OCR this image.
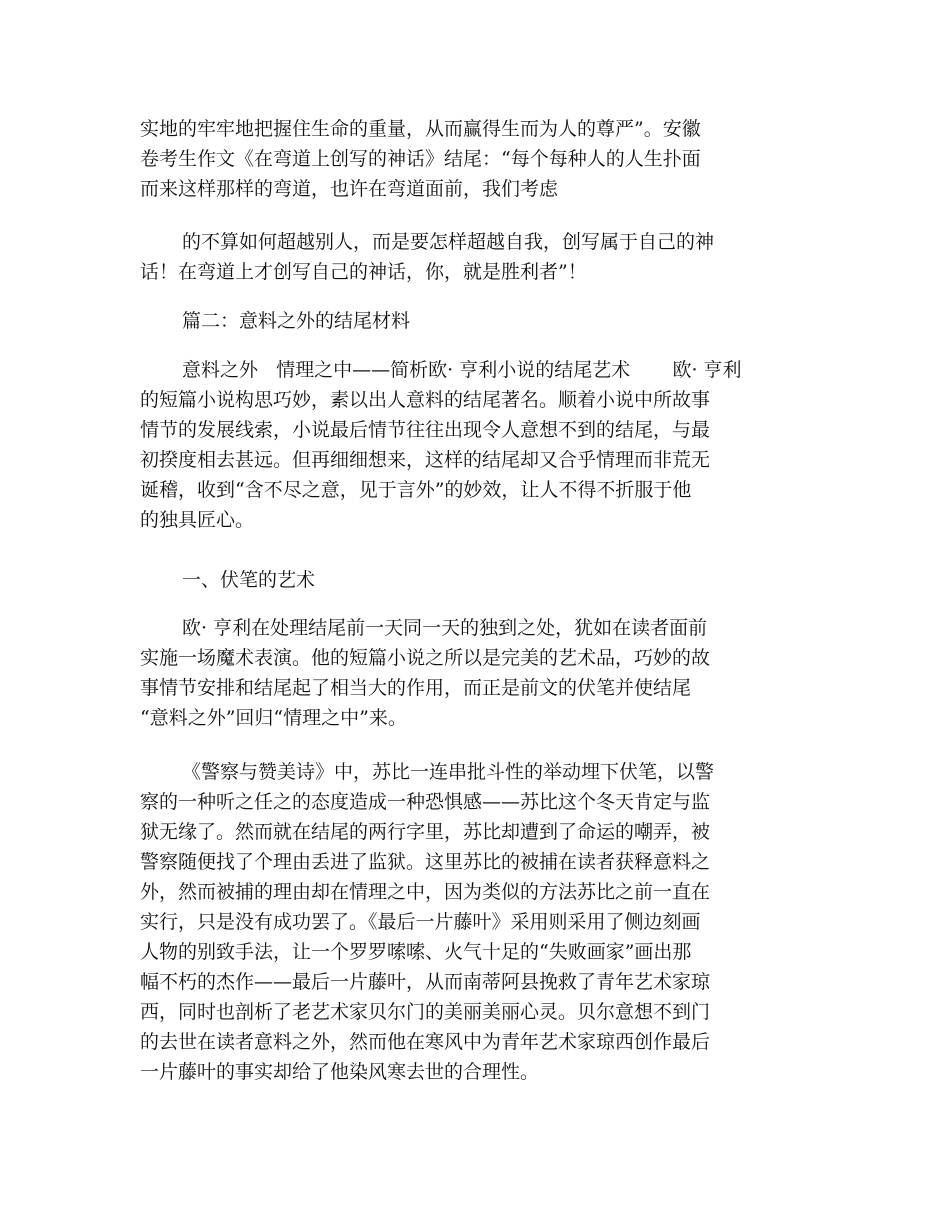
实地的牢牢地把握住生命的重量，从而赢得生而为人的尊严”。安徽
卷考生作文《在弯道上创写的神话》结尾：“每个每种人的人生扑面
而来这样那样的弯道，也许在弯道面前，我们考虑
的不算如何超越别人，而是要怎样超越自我，创写属于自己的神
话！在弯道上才创写自己的神话，你，就是胜利者”！
篇二：意料之外的结尾材料
意料之外   情理之中——简析欧· 亨利小说的结尾艺术       欧· 亨利
的短篇小说构思巧妙，素以出人意料的结尾著名。顺着小说中所故事
情节的发展线索，小说最后情节往往出现令人意想不到的结尾，与最
初揆度相去甚远。但再细细想来，这样的结尾却又合乎情理而非荒无
诞稽，收到“含不尽之意，见于言外”的妙效，让人不得不折服于他
的独具匠心。
一、伏笔的艺术
欧· 亨利在处理结尾前一天同一天的独到之处，犹如在读者面前
实施一场魔术表演。他的短篇小说之所以是完美的艺术品，巧妙的故
事情节安排和结尾起了相当大的作用，而正是前文的伏笔并使结尾
“意料之外”回归“情理之中”来。
《警察与赞美诗》中，苏比一连串批斗性的举动埋下伏笔，以警
察的一种听之任之的态度造成一种恐惧感——苏比这个冬天肯定与监
狱无缘了。然而就在结尾的两行字里，苏比却遭到了命运的嘲弄，被
警察随便找了个理由丢进了监狱。这里苏比的被捕在读者获释意料之
外，然而被捕的理由却在情理之中，因为类似的方法苏比之前一直在
实行，只是没有成功罢了。《最后一片藤叶》采用则采用了侧边刻画
人物的别致手法，让一个罗罗嗦嗦、火气十足的“失败画家”画出那
幅不朽的杰作——最后一片藤叶，从而南蒂阿县挽救了青年艺术家琼
西，同时也剖析了老艺术家贝尔门的美丽美丽心灵。贝尔意想不到门
的去世在读者意料之外，然而他在寒风中为青年艺术家琼西创作最后
一片藤叶的事实却给了他染风寒去世的合理性。
